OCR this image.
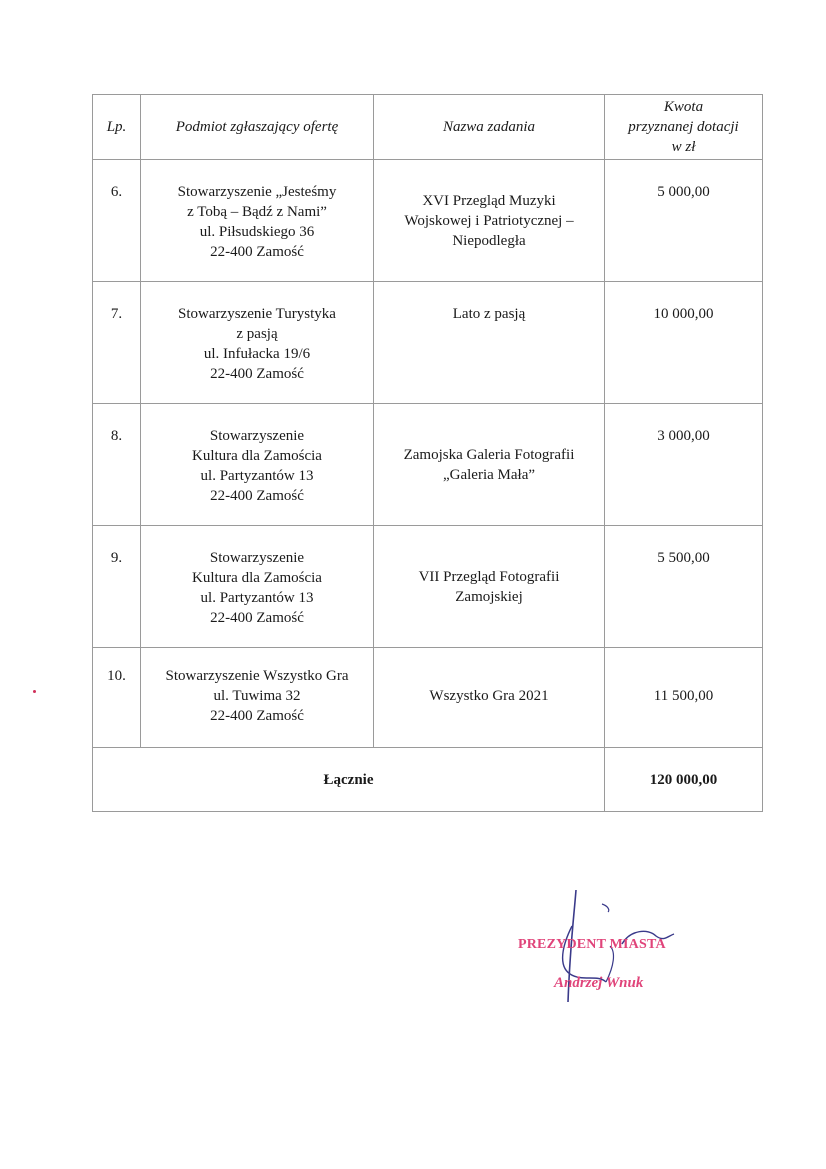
Lp.	Podmiot zgłaszający ofertę	Nazwa zadania	Kwota
przyznanej dotacji
w zł

6.	Stowarzyszenie „Jesteśmy
z Tobą – Bądź z Nami”
ul. Piłsudskiego 36
22-400 Zamość	XVI Przegląd Muzyki
Wojskowej i Patriotycznej –
Niepodległa	5 000,00
7.	Stowarzyszenie Turystyka
z pasją
ul. Infułacka 19/6
22-400 Zamość	Lato z pasją	10 000,00
8.	Stowarzyszenie
Kultura dla Zamościa
ul. Partyzantów 13
22-400 Zamość	Zamojska Galeria Fotografii
„Galeria Mała”	3 000,00
9.	Stowarzyszenie
Kultura dla Zamościa
ul. Partyzantów 13
22-400 Zamość	VII Przegląd Fotografii
Zamojskiej	5 500,00
10.	Stowarzyszenie Wszystko Gra
ul. Tuwima 32
22-400 Zamość	Wszystko Gra 2021	11 500,00
Łącznie			120 000,00
PREZYDENT MIASTA
Andrzej Wnuk
